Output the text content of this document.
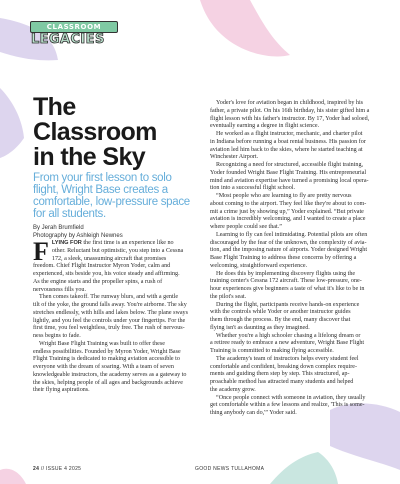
CLASSROOM
LEGACIES
The
Classroom
in the Sky

From your first lesson to solo
flight, Wright Base creates a
comfortable, low-pressure space
for all students.

By Jerah Brumfield
Photography by Ashleigh Newnes
F LYING FOR the first time is an experience like no
other. Reluctant but optimistic, you step into a Cessna
172, a sleek, unassuming aircraft that promises
freedom. Chief Flight Instructor Myron Yoder, calm and
experienced, sits beside you, his voice steady and affirming.
As the engine starts and the propeller spins, a rush of
nervousness fills you.
Then comes takeoff. The runway blurs, and with a gentle
tilt of the yoke, the ground falls away. You're airborne. The sky
stretches endlessly, with hills and lakes below. The plane sways
lightly, and you feel the controls under your fingertips. For the
first time, you feel weightless, truly free. The rush of nervous-
ness begins to fade.
Wright Base Flight Training was built to offer these
endless possibilities. Founded by Myron Yoder, Wright Base
Flight Training is dedicated to making aviation accessible to
everyone with the dream of soaring. With a team of seven
knowledgeable instructors, the academy serves as a gateway to
the skies, helping people of all ages and backgrounds achieve
their flying aspirations.
Yoder's love for aviation began in childhood, inspired by his
father, a private pilot. On his 16th birthday, his sister gifted him a
flight lesson with his father's instructor. By 17, Yoder had soloed,
eventually earning a degree in flight science.
He worked as a flight instructor, mechanic, and charter pilot
in Indiana before running a boat rental business. His passion for
aviation led him back to the skies, where he started teaching at
Winchester Airport.
Recognizing a need for structured, accessible flight training,
Yoder founded Wright Base Flight Training. His entrepreneurial
mind and aviation expertise have turned a promising local opera-
tion into a successful flight school.
“Most people who are learning to fly are pretty nervous
about coming to the airport. They feel like they're about to com-
mit a crime just by showing up,” Yoder explained. “But private
aviation is incredibly welcoming, and I wanted to create a place
where people could see that.”
Learning to fly can feel intimidating. Potential pilots are often
discouraged by the fear of the unknown, the complexity of avia-
tion, and the imposing nature of airports. Yoder designed Wright
Base Flight Training to address these concerns by offering a
welcoming, straightforward experience.
He does this by implementing discovery flights using the
training center's Cessna 172 aircraft. These low-pressure, one-
hour experiences give beginners a taste of what it's like to be in
the pilot's seat.
During the flight, participants receive hands-on experience
with the controls while Yoder or another instructor guides
them through the process. By the end, many discover that
flying isn't as daunting as they imagined.
Whether you're a high schooler chasing a lifelong dream or
a retiree ready to embrace a new adventure, Wright Base Flight
Training is committed to making flying accessible.
The academy's team of instructors helps every student feel
comfortable and confident, breaking down complex require-
ments and guiding them step by step. This structured, ap-
proachable method has attracted many students and helped
the academy grow.
“Once people connect with someone in aviation, they usually
get comfortable within a few lessons and realize, 'This is some-
thing anybody can do,'” Yoder said.
24 // ISSUE 4 2025	GOOD NEWS TULLAHOMA
